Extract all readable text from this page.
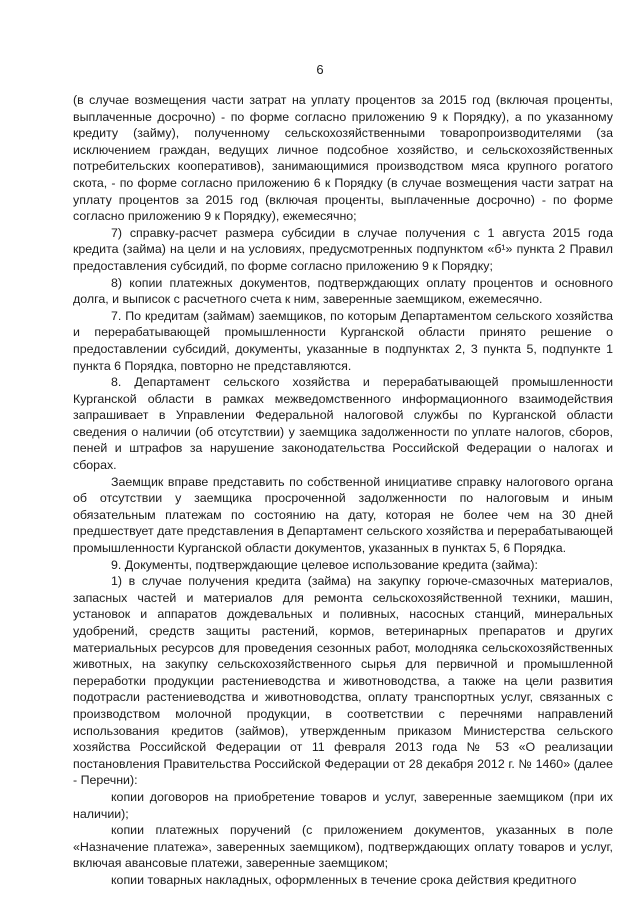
6

(в случае возмещения части затрат на уплату процентов за 2015 год (включая проценты, выплаченные досрочно) - по форме согласно приложению 9 к Порядку), а по указанному кредиту (займу), полученному сельскохозяйственными товаропроизводителями (за исключением граждан, ведущих личное подсобное хозяйство, и сельскохозяйственных потребительских кооперативов), занимающимися производством мяса крупного рогатого скота, - по форме согласно приложению 6 к Порядку (в случае возмещения части затрат на уплату процентов за 2015 год (включая проценты, выплаченные досрочно) - по форме согласно приложению 9 к Порядку), ежемесячно;

7) справку-расчет размера субсидии в случае получения с 1 августа 2015 года кредита (займа) на цели и на условиях, предусмотренных подпунктом «б¹» пункта 2 Правил предоставления субсидий, по форме согласно приложению 9 к Порядку;

8) копии платежных документов, подтверждающих оплату процентов и основного долга, и выписок с расчетного счета к ним, заверенные заемщиком, ежемесячно.

7. По кредитам (займам) заемщиков, по которым Департаментом сельского хозяйства и перерабатывающей промышленности Курганской области принято решение о предоставлении субсидий, документы, указанные в подпунктах 2, 3 пункта 5, подпункте 1 пункта 6 Порядка, повторно не представляются.

8. Департамент сельского хозяйства и перерабатывающей промышленности Курганской области в рамках межведомственного информационного взаимодействия запрашивает в Управлении Федеральной налоговой службы по Курганской области сведения о наличии (об отсутствии) у заемщика задолженности по уплате налогов, сборов, пеней и штрафов за нарушение законодательства Российской Федерации о налогах и сборах.

Заемщик вправе представить по собственной инициативе справку налогового органа об отсутствии у заемщика просроченной задолженности по налоговым и иным обязательным платежам по состоянию на дату, которая не более чем на 30 дней предшествует дате представления в Департамент сельского хозяйства и перерабатывающей промышленности Курганской области документов, указанных в пунктах 5, 6 Порядка.

9. Документы, подтверждающие целевое использование кредита (займа):

1) в случае получения кредита (займа) на закупку горюче-смазочных материалов, запасных частей и материалов для ремонта сельскохозяйственной техники, машин, установок и аппаратов дождевальных и поливных, насосных станций, минеральных удобрений, средств защиты растений, кормов, ветеринарных препаратов и других материальных ресурсов для проведения сезонных работ, молодняка сельскохозяйственных животных, на закупку сельскохозяйственного сырья для первичной и промышленной переработки продукции растениеводства и животноводства, а также на цели развития подотрасли растениеводства и животноводства, оплату транспортных услуг, связанных с производством молочной продукции, в соответствии с перечнями направлений использования кредитов (займов), утвержденным приказом Министерства сельского хозяйства Российской Федерации от 11 февраля 2013 года № 53 «О реализации постановления Правительства Российской Федерации от 28 декабря 2012 г. № 1460» (далее - Перечни):

копии договоров на приобретение товаров и услуг, заверенные заемщиком (при их наличии);

копии платежных поручений (с приложением документов, указанных в поле «Назначение платежа», заверенных заемщиком), подтверждающих оплату товаров и услуг, включая авансовые платежи, заверенные заемщиком;

копии товарных накладных, оформленных в течение срока действия кредитного
